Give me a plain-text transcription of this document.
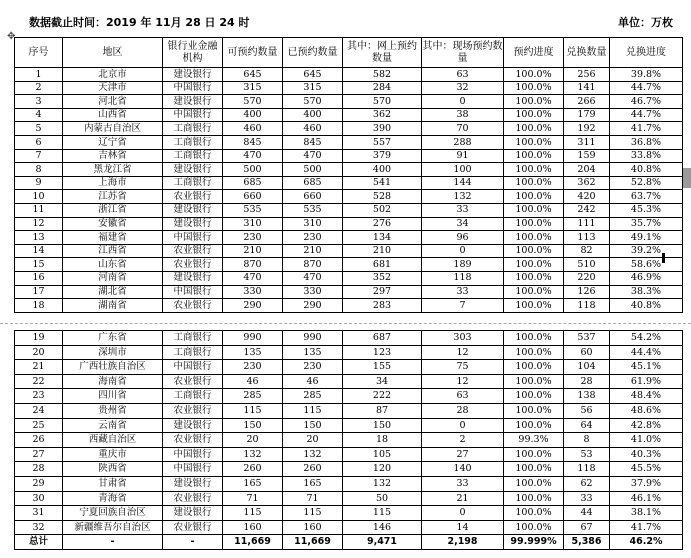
数据截止时间：2019 年 11月 28 日 24 时	单位：万枚
✥
序号	地区	银行业金融机构	可预约数量	已预约数量	其中：网上预约数量	其中：现场预约数量	预约进度	兑换数量	兑换进度
1	北京市	建设银行	645	645	582	63	100.0%	256	39.8%
2	天津市	中国银行	315	315	284	32	100.0%	141	44.7%
3	河北省	建设银行	570	570	570	0	100.0%	266	46.7%
4	山西省	中国银行	400	400	362	38	100.0%	179	44.7%
5	内蒙古自治区	工商银行	460	460	390	70	100.0%	192	41.7%
6	辽宁省	工商银行	845	845	557	288	100.0%	311	36.8%
7	吉林省	工商银行	470	470	379	91	100.0%	159	33.8%
8	黑龙江省	建设银行	500	500	400	100	100.0%	204	40.8%
9	上海市	工商银行	685	685	541	144	100.0%	362	52.8%
10	江苏省	农业银行	660	660	528	132	100.0%	420	63.7%
11	浙江省	建设银行	535	535	502	33	100.0%	242	45.3%
12	安徽省	建设银行	310	310	276	34	100.0%	111	35.7%
13	福建省	中国银行	230	230	134	96	100.0%	113	49.1%
14	江西省	农业银行	210	210	210	0	100.0%	82	39.2%
15	山东省	农业银行	870	870	681	189	100.0%	510	58.6%
16	河南省	建设银行	470	470	352	118	100.0%	220	46.9%
17	湖北省	中国银行	330	330	297	33	100.0%	126	38.3%
18	湖南省	农业银行	290	290	283	7	100.0%	118	40.8%
19	广东省	工商银行	990	990	687	303	100.0%	537	54.2%
20	深圳市	工商银行	135	135	123	12	100.0%	60	44.4%
21	广西壮族自治区	中国银行	230	230	155	75	100.0%	104	45.1%
22	海南省	农业银行	46	46	34	12	100.0%	28	61.9%
23	四川省	工商银行	285	285	222	63	100.0%	138	48.4%
24	贵州省	农业银行	115	115	87	28	100.0%	56	48.6%
25	云南省	建设银行	150	150	150	0	100.0%	64	42.8%
26	西藏自治区	农业银行	20	20	18	2	99.3%	8	41.0%
27	重庆市	中国银行	132	132	105	27	100.0%	53	40.3%
28	陕西省	中国银行	260	260	120	140	100.0%	118	45.5%
29	甘肃省	建设银行	165	165	132	33	100.0%	62	37.9%
30	青海省	农业银行	71	71	50	21	100.0%	33	46.1%
31	宁夏回族自治区	建设银行	115	115	115	0	100.0%	44	38.1%
32	新疆维吾尔自治区	农业银行	160	160	146	14	100.0%	67	41.7%
总计	-	-	11,669	11,669	9,471	2,198	99.999%	5,386	46.2%
